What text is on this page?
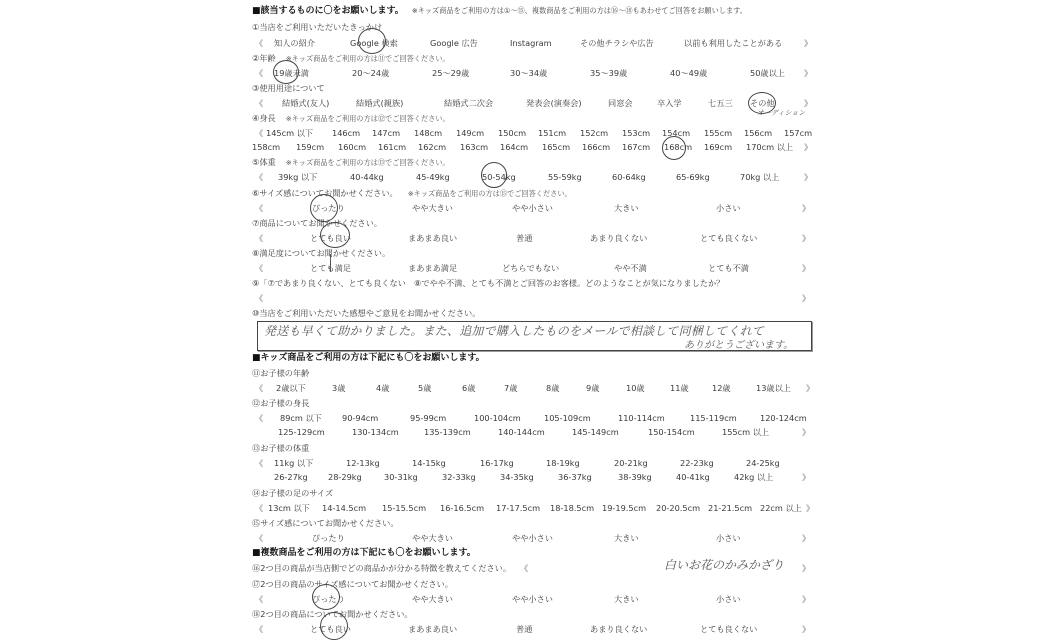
■該当するものに〇をお願いします。 ※キッズ商品をご利用の方は①〜⑮、複数商品をご利用の方は⑯〜⑱もあわせてご回答をお願いします。
①当店をご利用いただいたきっかけ
《 知人の紹介	Google 検索	Google 広告	Instagram	その他チラシや広告	以前も利用したことがある	》
②年齢 ※キッズ商品をご利用の方は⑪でご回答ください。
《 19歳未満	20〜24歳	25〜29歳	30〜34歳	35〜39歳	40〜49歳	50歳以上 》
③使用用途について
《 結婚式(友人)	結婚式(親族)	結婚式二次会	発表会(演奏会)	同窓会	卒入学	七五三 その他	》
オーディション
④身長 ※キッズ商品をご利用の方は⑫でご回答ください。
《 145cm 以下 146cm 147cm 148cm 149cm 150cm 151cm 152cm 153cm 154cm 155cm 156cm 157cm
158cm 159cm 160cm 161cm 162cm 163cm 164cm 165cm 166cm 167cm 168cm 169cm 170cm 以上 》
⑤体重 ※キッズ商品をご利用の方は⑬でご回答ください。
《 39kg 以下	40-44kg	45-49kg	50-54kg	55-59kg	60-64kg	65-69kg	70kg 以上	》
⑥サイズ感についてお聞かせください。 ※キッズ商品をご利用の方は⑮でご回答ください。
《	ぴったり	やや大きい	やや小さい	大きい	小さい	》
⑦商品についてお聞かせください。
《	とても良い	まあまあ良い	普通	あまり良くない	とても良くない	》
⑧満足度についてお聞かせください。
《	とても満足	まあまあ満足	どちらでもない	やや不満	とても不満	》
⑨「⑦であまり良くない、とても良くない　⑧でやや不満、とても不満とご回答のお客様。どのようなことが気になりましたか？
《	》
⑩当店をご利用いただいた感想やご意見をお聞かせください。
発送も早くて助かりました。また、追加で購入したものをメールで相談して同梱してくれて
ありがとうございます。
■キッズ商品をご利用の方は下記にも〇をお願いします。
⑪お子様の年齢
《 2歳以下	3歳	4歳	5歳	6歳	7歳	8歳	9歳	10歳	11歳	12歳	13歳以上 》
⑫お子様の身長
《 89cm 以下 90-94cm	95-99cm	100-104cm	105-109cm	110-114cm	115-119cm	120-124cm
125-129cm	130-134cm	135-139cm	140-144cm	145-149cm	150-154cm	155cm 以上	》
⑬お子様の体重
《 11kg 以下	12-13kg	14-15kg	16-17kg	18-19kg	20-21kg	22-23kg	24-25kg
26-27kg 28-29kg	30-31kg	32-33kg	34-35kg	36-37kg	38-39kg	40-41kg	42kg 以上	》
⑭お子様の足のサイズ
《 13cm 以下 14-14.5cm 15-15.5cm 16-16.5cm 17-17.5cm 18-18.5cm 19-19.5cm 20-20.5cm 21-21.5cm 22cm 以上 》
⑮サイズ感についてお聞かせください。
《	ぴったり	やや大きい	やや小さい	大きい	小さい	》
■複数商品をご利用の方は下記にも〇をお願いします。
⑯2つ目の商品が当店側でどの商品かが分かる特徴を教えてください。 《	》
白いお花のかみかざり
⑰2つ目の商品のサイズ感についてお聞かせください。
《	ぴったり	やや大きい	やや小さい	大きい	小さい	》
⑱2つ目の商品についてお聞かせください。
《	とても良い	まあまあ良い	普通	あまり良くない	とても良くない	》
